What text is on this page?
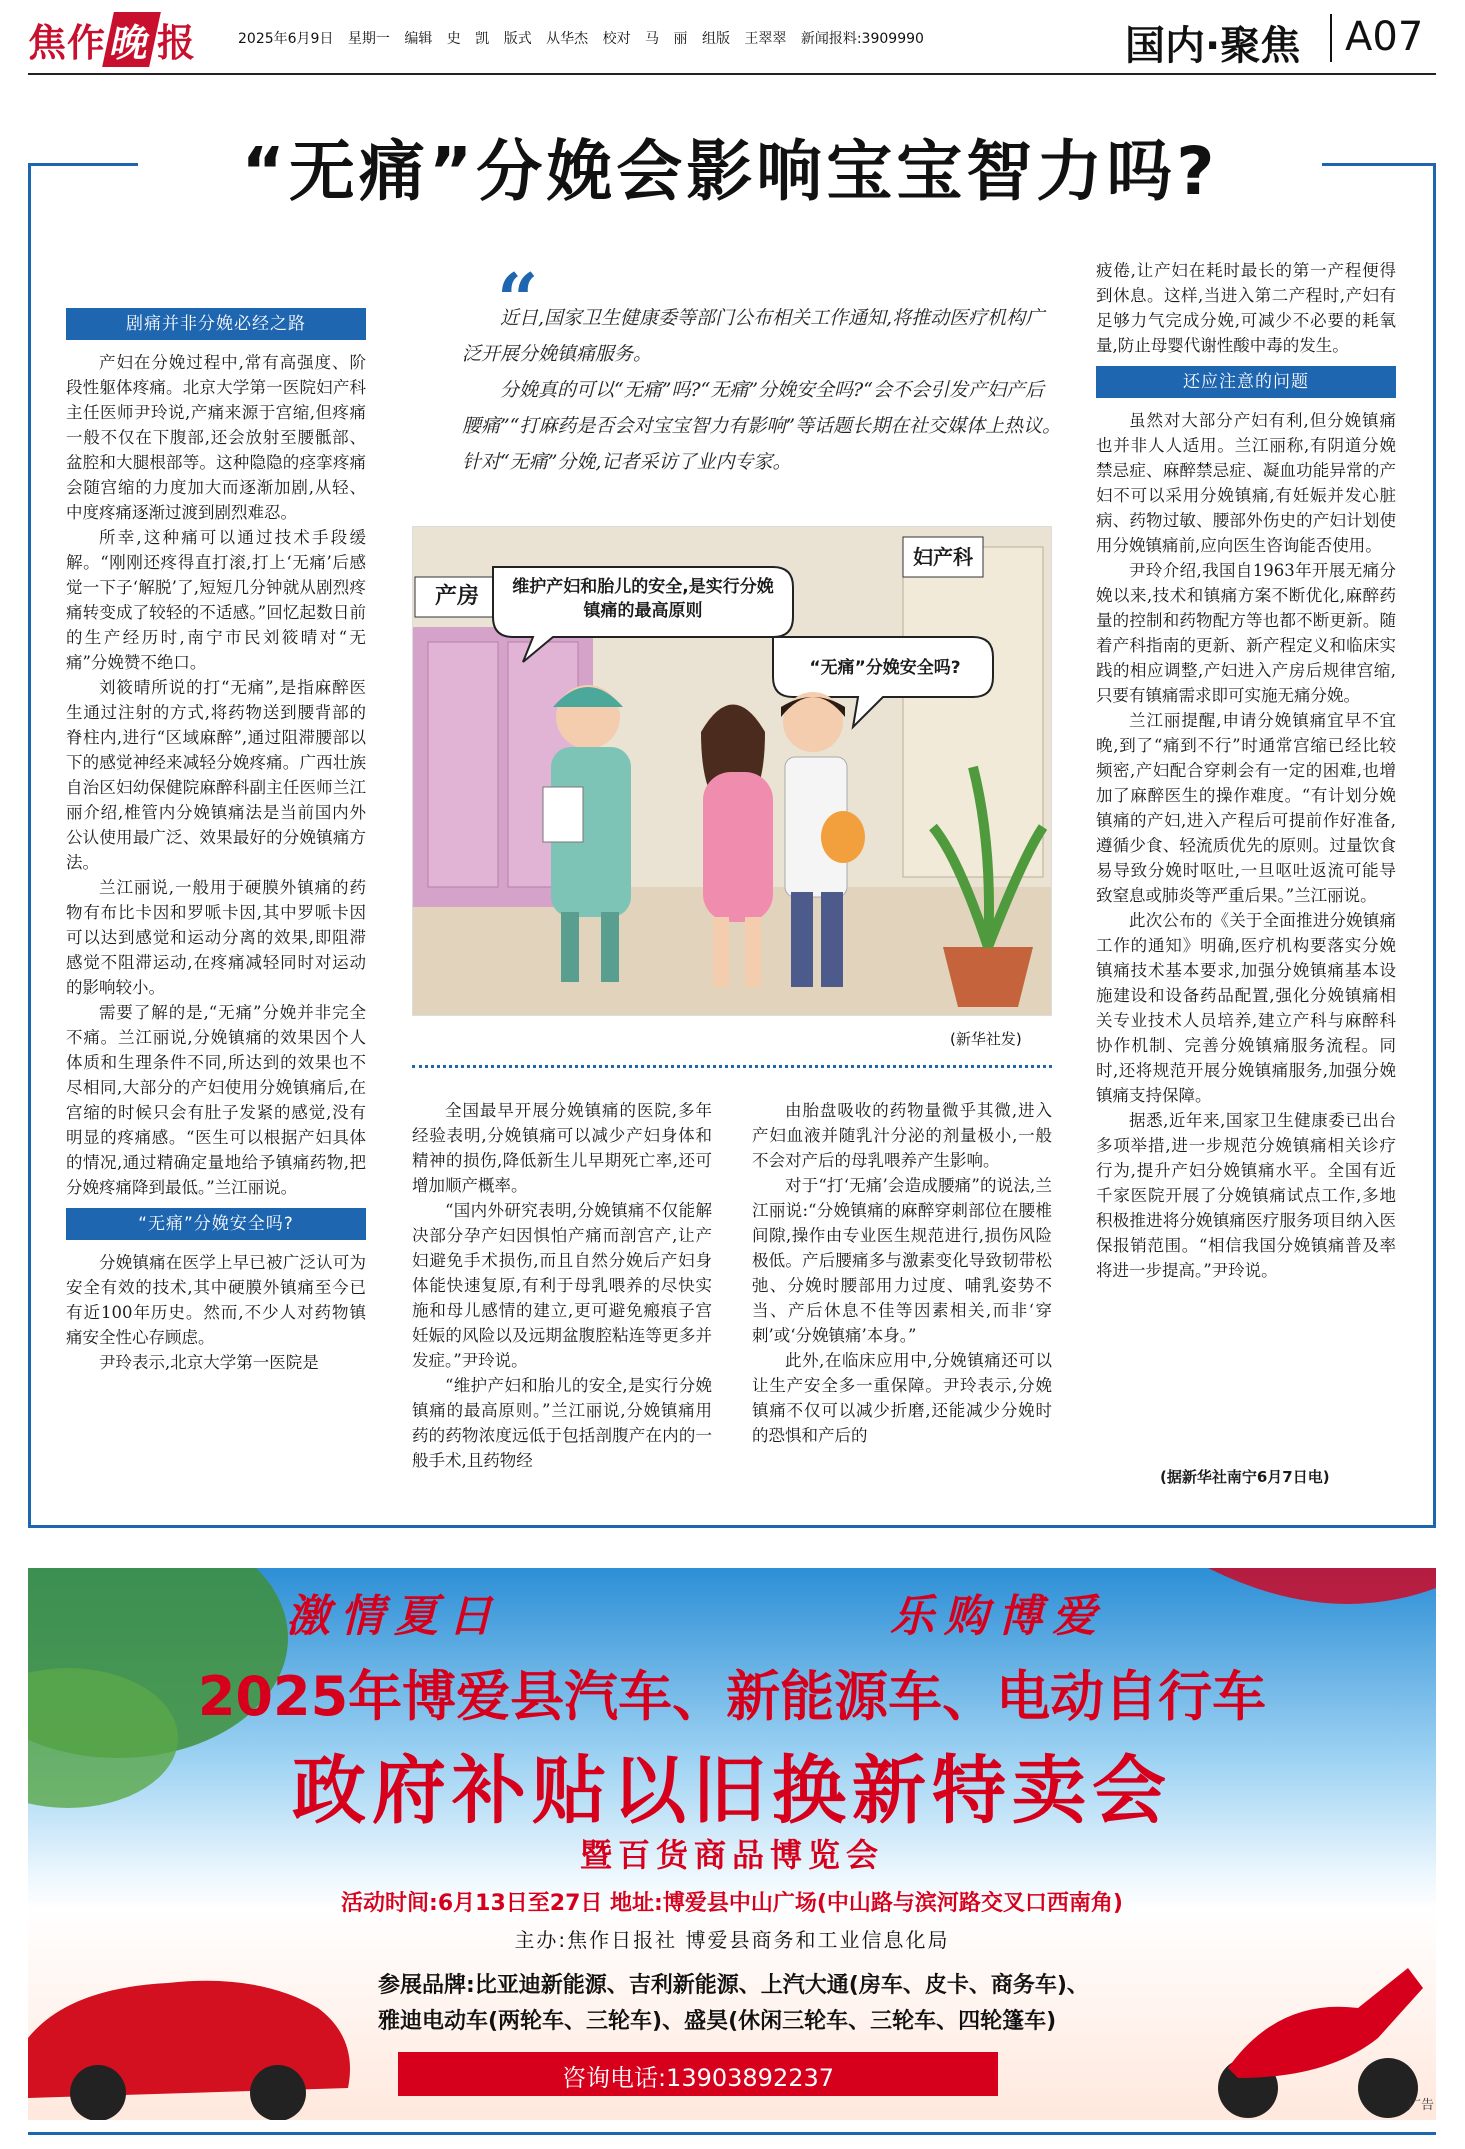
焦作晚报	2025年6月9日 星期一 编辑 史 凯 版式 从华杰 校对 马 丽 组版 王翠翠 新闻报料:3909990	国内·聚焦 A07
“无痛”分娩会影响宝宝智力吗?
剧痛并非分娩必经之路

产妇在分娩过程中,常有高强度、阶段性躯体疼痛。北京大学第一医院妇产科主任医师尹玲说,产痛来源于宫缩,但疼痛一般不仅在下腹部,还会放射至腰骶部、盆腔和大腿根部等。这种隐隐的痉挛疼痛会随宫缩的力度加大而逐渐加剧,从轻、中度疼痛逐渐过渡到剧烈难忍。

所幸,这种痛可以通过技术手段缓解。“刚刚还疼得直打滚,打上‘无痛’后感觉一下子‘解脱’了,短短几分钟就从剧烈疼痛转变成了较轻的不适感。”回忆起数日前的生产经历时,南宁市民刘筱晴对“无痛”分娩赞不绝口。

刘筱晴所说的打“无痛”,是指麻醉医生通过注射的方式,将药物送到腰背部的脊柱内,进行“区域麻醉”,通过阻滞腰部以下的感觉神经来减轻分娩疼痛。广西壮族自治区妇幼保健院麻醉科副主任医师兰江丽介绍,椎管内分娩镇痛法是当前国内外公认使用最广泛、效果最好的分娩镇痛方法。

兰江丽说,一般用于硬膜外镇痛的药物有布比卡因和罗哌卡因,其中罗哌卡因可以达到感觉和运动分离的效果,即阻滞感觉不阻滞运动,在疼痛减轻同时对运动的影响较小。

需要了解的是,“无痛”分娩并非完全不痛。兰江丽说,分娩镇痛的效果因个人体质和生理条件不同,所达到的效果也不尽相同,大部分的产妇使用分娩镇痛后,在宫缩的时候只会有肚子发紧的感觉,没有明显的疼痛感。“医生可以根据产妇具体的情况,通过精确定量地给予镇痛药物,把分娩疼痛降到最低。”兰江丽说。

“无痛”分娩安全吗?

分娩镇痛在医学上早已被广泛认可为安全有效的技术,其中硬膜外镇痛至今已有近100年历史。然而,不少人对药物镇痛安全性心存顾虑。

尹玲表示,北京大学第一医院是

“

近日,国家卫生健康委等部门公布相关工作通知,将推动医疗机构广泛开展分娩镇痛服务。

分娩真的可以“无痛”吗?“无痛”分娩安全吗?“会不会引发产妇产后腰痛”“打麻药是否会对宝宝智力有影响”等话题长期在社交媒体上热议。针对“无痛”分娩,记者采访了业内专家。

产房
妇产科
维护产妇和胎儿的安全,是实行分娩镇痛的最高原则
“无痛”分娩安全吗?
(新华社发)

全国最早开展分娩镇痛的医院,多年经验表明,分娩镇痛可以减少产妇身体和精神的损伤,降低新生儿早期死亡率,还可增加顺产概率。

“国内外研究表明,分娩镇痛不仅能解决部分孕产妇因惧怕产痛而剖宫产,让产妇避免手术损伤,而且自然分娩后产妇身体能快速复原,有利于母乳喂养的尽快实施和母儿感情的建立,更可避免瘢痕子宫妊娠的风险以及远期盆腹腔粘连等更多并发症。”尹玲说。

“维护产妇和胎儿的安全,是实行分娩镇痛的最高原则。”兰江丽说,分娩镇痛用药的药物浓度远低于包括剖腹产在内的一般手术,且药物经

由胎盘吸收的药物量微乎其微,进入产妇血液并随乳汁分泌的剂量极小,一般不会对产后的母乳喂养产生影响。

对于“打‘无痛’会造成腰痛”的说法,兰江丽说:“分娩镇痛的麻醉穿刺部位在腰椎间隙,操作由专业医生规范进行,损伤风险极低。产后腰痛多与激素变化导致韧带松弛、分娩时腰部用力过度、哺乳姿势不当、产后休息不佳等因素相关,而非‘穿刺’或‘分娩镇痛’本身。”

此外,在临床应用中,分娩镇痛还可以让生产安全多一重保障。尹玲表示,分娩镇痛不仅可以减少折磨,还能减少分娩时的恐惧和产后的

疲倦,让产妇在耗时最长的第一产程便得到休息。这样,当进入第二产程时,产妇有足够力气完成分娩,可减少不必要的耗氧量,防止母婴代谢性酸中毒的发生。

还应注意的问题

虽然对大部分产妇有利,但分娩镇痛也并非人人适用。兰江丽称,有阴道分娩禁忌症、麻醉禁忌症、凝血功能异常的产妇不可以采用分娩镇痛,有妊娠并发心脏病、药物过敏、腰部外伤史的产妇计划使用分娩镇痛前,应向医生咨询能否使用。

尹玲介绍,我国自1963年开展无痛分娩以来,技术和镇痛方案不断优化,麻醉药量的控制和药物配方等也都不断更新。随着产科指南的更新、新产程定义和临床实践的相应调整,产妇进入产房后规律宫缩,只要有镇痛需求即可实施无痛分娩。

兰江丽提醒,申请分娩镇痛宜早不宜晚,到了“痛到不行”时通常宫缩已经比较频密,产妇配合穿刺会有一定的困难,也增加了麻醉医生的操作难度。“有计划分娩镇痛的产妇,进入产程后可提前作好准备,遵循少食、轻流质优先的原则。过量饮食易导致分娩时呕吐,一旦呕吐返流可能导致窒息或肺炎等严重后果。”兰江丽说。

此次公布的《关于全面推进分娩镇痛工作的通知》明确,医疗机构要落实分娩镇痛技术基本要求,加强分娩镇痛基本设施建设和设备药品配置,强化分娩镇痛相关专业技术人员培养,建立产科与麻醉科协作机制、完善分娩镇痛服务流程。同时,还将规范开展分娩镇痛服务,加强分娩镇痛支持保障。

据悉,近年来,国家卫生健康委已出台多项举措,进一步规范分娩镇痛相关诊疗行为,提升产妇分娩镇痛水平。全国有近千家医院开展了分娩镇痛试点工作,多地积极推进将分娩镇痛医疗服务项目纳入医保报销范围。“相信我国分娩镇痛普及率将进一步提高。”尹玲说。

(据新华社南宁6月7日电)
激情夏日	乐购博爱
2025年博爱县汽车、新能源车、电动自行车
政府补贴以旧换新特卖会
暨百货商品博览会
活动时间:6月13日至27日 地址:博爱县中山广场(中山路与滨河路交叉口西南角)
主办:焦作日报社 博爱县商务和工业信息化局
参展品牌:比亚迪新能源、吉利新能源、上汽大通(房车、皮卡、商务车)、
雅迪电动车(两轮车、三轮车)、盛昊(休闲三轮车、三轮车、四轮篷车)
咨询电话:13903892237
广告
